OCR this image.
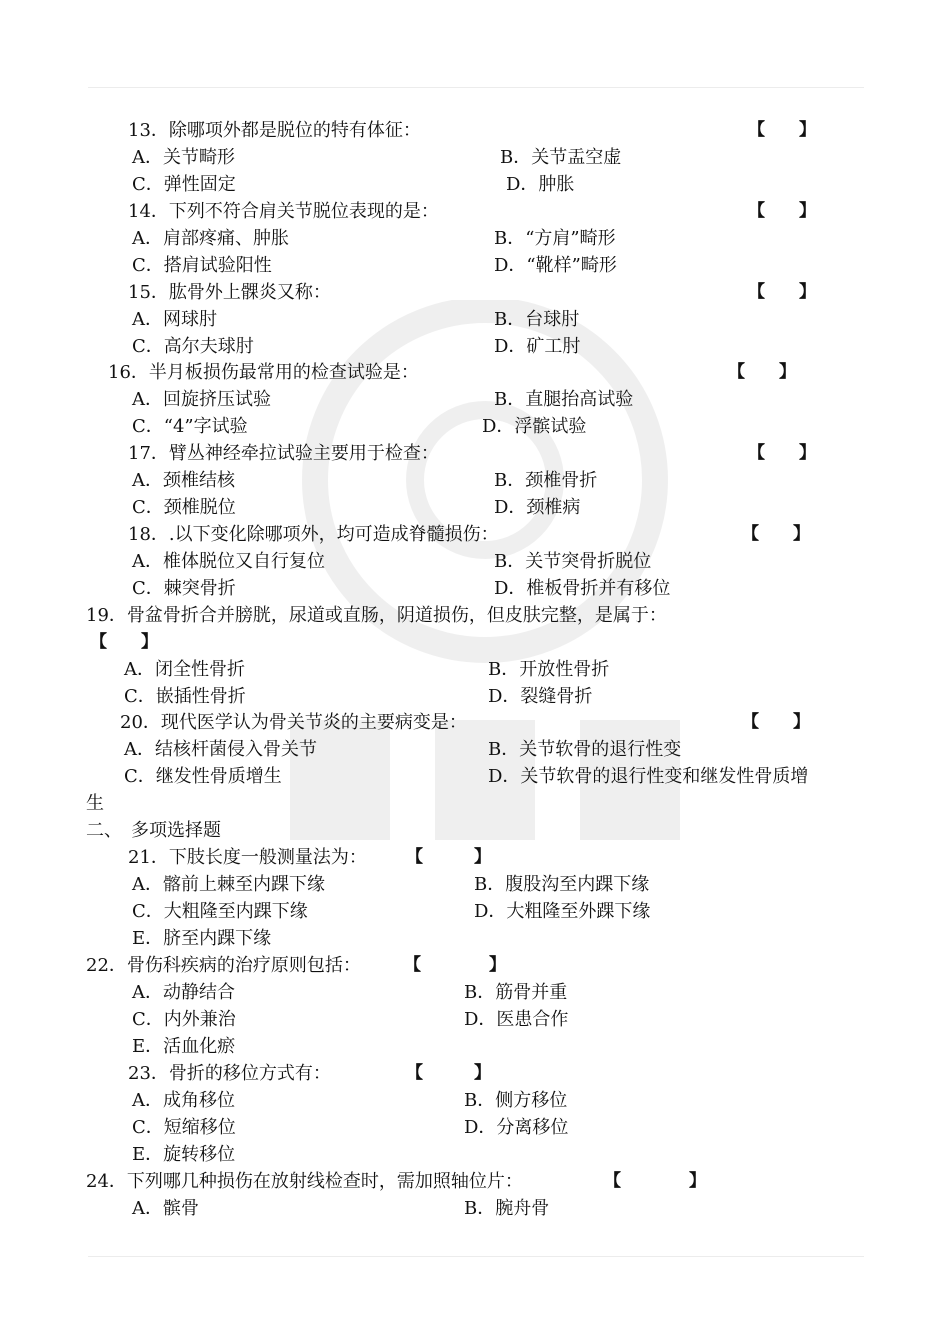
13．除哪项外都是脱位的特有体征：	【　　】
A．关节畸形	B．关节盂空虚
C．弹性固定	D．肿胀
14．下列不符合肩关节脱位表现的是：	【　　】
A．肩部疼痛、肿胀	B．“方肩”畸形
C．搭肩试验阳性	D．“靴样”畸形
15．肱骨外上髁炎又称：	【　　】
A．网球肘	B．台球肘
C．高尔夫球肘	D．矿工肘
16．半月板损伤最常用的检查试验是：	【　　】
A．回旋挤压试验	B．直腿抬高试验
C．“4”字试验	D．浮髌试验
17．臂丛神经牵拉试验主要用于检查：	【　　】
A．颈椎结核	B．颈椎骨折
C．颈椎脱位	D．颈椎病
18．.以下变化除哪项外，均可造成脊髓损伤：	【　　】
A．椎体脱位又自行复位	B．关节突骨折脱位
C．棘突骨折	D．椎板骨折并有移位
19．骨盆骨折合并膀胱，尿道或直肠，阴道损伤，但皮肤完整，是属于：
【　　】
A．闭全性骨折	B．开放性骨折
C．嵌插性骨折	D．裂缝骨折
20．现代医学认为骨关节炎的主要病变是：	【　　】
A．结核杆菌侵入骨关节	B．关节软骨的退行性变
C．继发性骨质增生	D．关节软骨的退行性变和继发性骨质增
生
二、　多项选择题
21．下肢长度一般测量法为： 【　　　】
A．髂前上棘至内踝下缘	B．腹股沟至内踝下缘
C．大粗隆至内踝下缘	D．大粗隆至外踝下缘
E．脐至内踝下缘
22．骨伤科疾病的治疗原则包括：	【　　　　】
A．动静结合	B．筋骨并重
C．内外兼治	D．医患合作
E．活血化瘀
23．骨折的移位方式有：	【　　　】
A．成角移位	B．侧方移位
C．短缩移位	D．分离移位
E．旋转移位
24．下列哪几种损伤在放射线检查时，需加照轴位片：	【　　　　】
A．髌骨	B．腕舟骨
